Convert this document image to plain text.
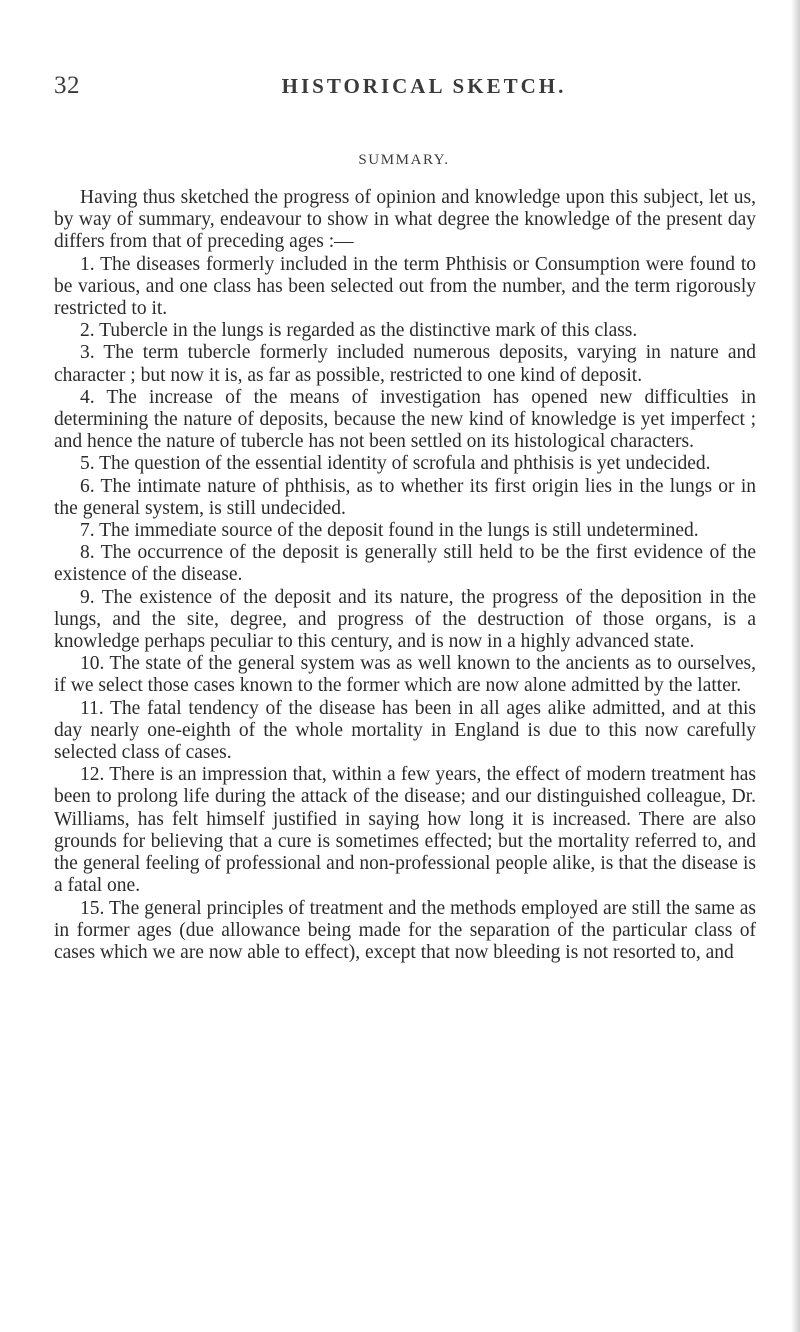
32	HISTORICAL SKETCH.
SUMMARY.

Having thus sketched the progress of opinion and knowledge upon this subject, let us, by way of summary, endeavour to show in what degree the knowledge of the present day differs from that of preceding ages :—

1. The diseases formerly included in the term Phthisis or Consumption were found to be various, and one class has been selected out from the number, and the term rigorously restricted to it.

2. Tubercle in the lungs is regarded as the distinctive mark of this class.

3. The term tubercle formerly included numerous deposits, varying in nature and character ; but now it is, as far as possible, restricted to one kind of deposit.

4. The increase of the means of investigation has opened new difficulties in determining the nature of deposits, because the new kind of knowledge is yet imperfect ; and hence the nature of tubercle has not been settled on its histological characters.

5. The question of the essential identity of scrofula and phthisis is yet undecided.

6. The intimate nature of phthisis, as to whether its first origin lies in the lungs or in the general system, is still undecided.

7. The immediate source of the deposit found in the lungs is still undetermined.

8. The occurrence of the deposit is generally still held to be the first evidence of the existence of the disease.

9. The existence of the deposit and its nature, the progress of the deposition in the lungs, and the site, degree, and progress of the destruction of those organs, is a knowledge perhaps peculiar to this century, and is now in a highly advanced state.

10. The state of the general system was as well known to the ancients as to ourselves, if we select those cases known to the former which are now alone admitted by the latter.

11. The fatal tendency of the disease has been in all ages alike admitted, and at this day nearly one-eighth of the whole mortality in England is due to this now carefully selected class of cases.

12. There is an impression that, within a few years, the effect of modern treatment has been to prolong life during the attack of the disease; and our distinguished colleague, Dr. Williams, has felt himself justified in saying how long it is increased. There are also grounds for believing that a cure is sometimes effected; but the mortality referred to, and the general feeling of professional and non-professional people alike, is that the disease is a fatal one.

15. The general principles of treatment and the methods employed are still the same as in former ages (due allowance being made for the separation of the particular class of cases which we are now able to effect), except that now bleeding is not resorted to, and
